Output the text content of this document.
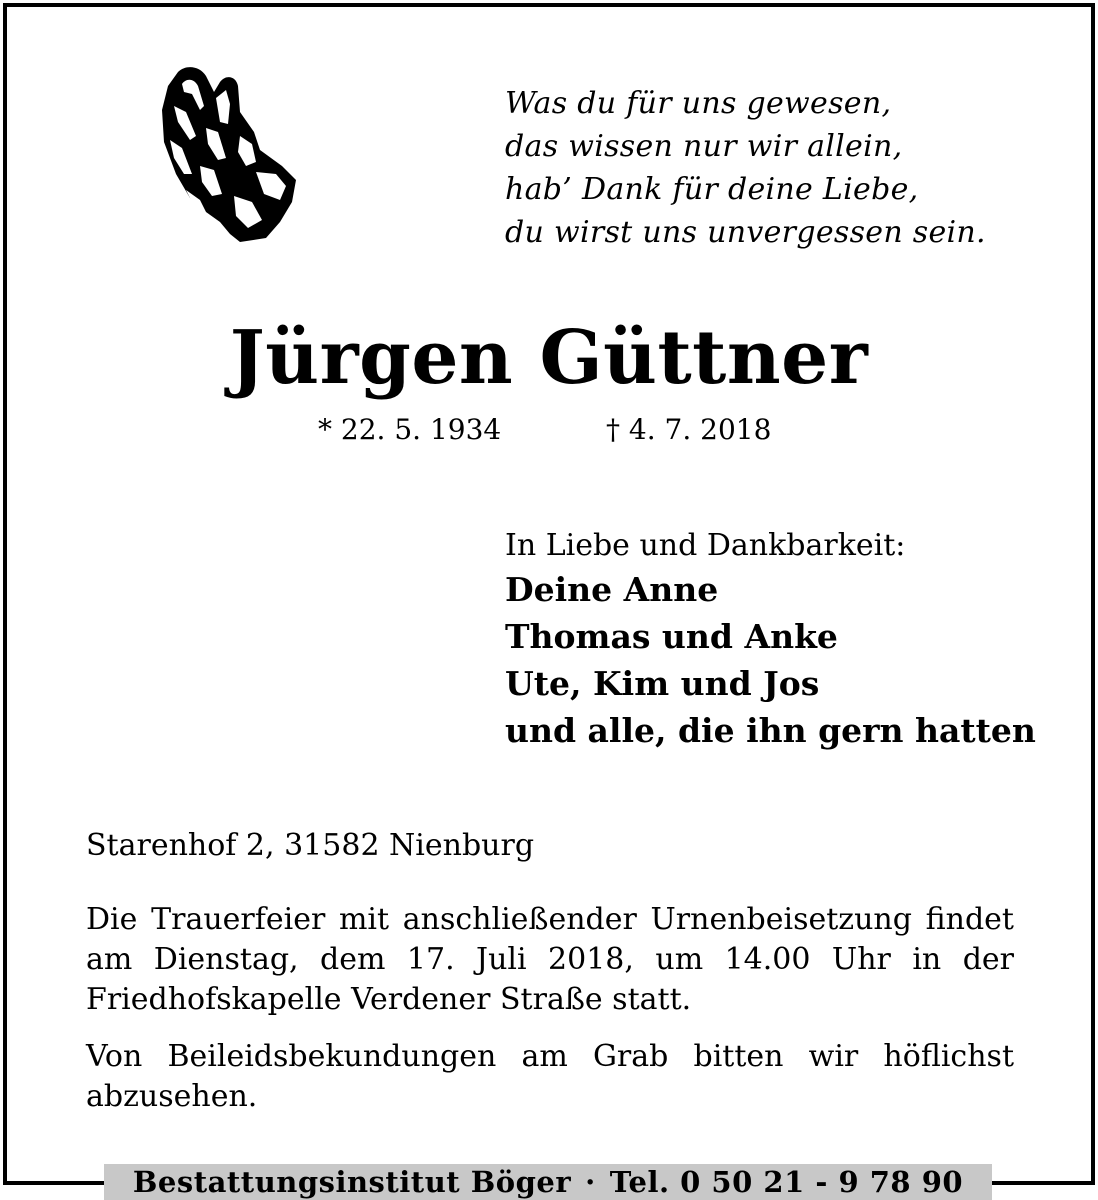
Was du für uns gewesen,
das wissen nur wir allein,
hab’ Dank für deine Liebe,
du wirst uns unvergessen sein.
Jürgen Güttner
* 22. 5. 1934	† 4. 7. 2018
In Liebe und Dankbarkeit:
Deine Anne
Thomas und Anke
Ute, Kim und Jos
und alle, die ihn gern hatten
Starenhof 2, 31582 Nienburg
Die Trauerfeier mit anschließender Urnenbeisetzung findet am Dienstag, dem 17. Juli 2018, um 14.00 Uhr in der Friedhofskapelle Verdener Straße statt.
Von Beileidsbekundungen am Grab bitten wir höflichst abzusehen.
Bestattungsinstitut Böger · Tel. 0 50 21 - 9 78 90
